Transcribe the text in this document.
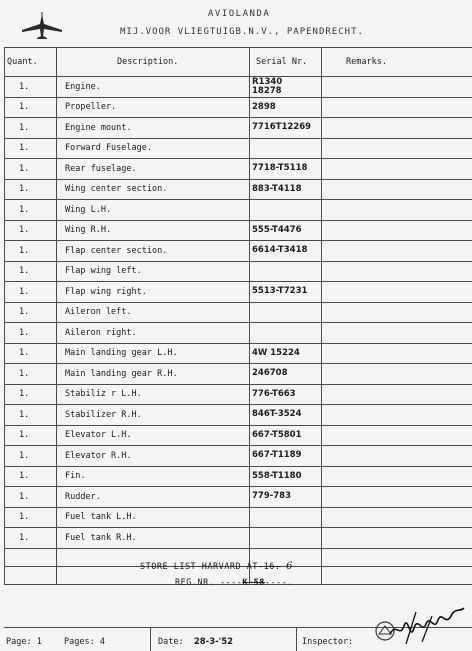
AVIOLANDA
MIJ.VOOR VLIEGTUIGB.N.V., PAPENDRECHT.
Quant.	Description.	Serial Nr.	Remarks.
1.	Engine.	R1340
18278	
1.	Propeller.	2898	
1.	Engine mount.	7716T12269	
1.	Forward Fuselage.		
1.	Rear fuselage.	7718-T5118	
1.	Wing center section.	883-T4118	
1.	Wing L.H.		
1.	Wing R.H.	555-T4476	
1.	Flap center section.	6614-T3418	
1.	Flap wing left.		
1.	Flap wing right.	5513-T7231	
1.	Aileron left.		
1.	Aileron right.		
1.	Main landing gear L.H.	4W 15224	
1.	Main landing gear R.H.	246708	
1.	Stabiliz r L.H.	776-T663	
1.	Stabilizer R.H.	846T-3524	
1.	Elevator L.H.	667-T5801	
1.	Elevator R.H.	667-T1189	
1.	Fin.	558-T1180	
1.	Rudder.	779-783	
1.	Fuel tank L.H.		
1.	Fuel tank R.H.		

STORE LIST HARVARD AT-16. 6
REG.NR. ----K-58----.
Page: 1	Pages: 4	Date: 28-3-'52	Inspector:
